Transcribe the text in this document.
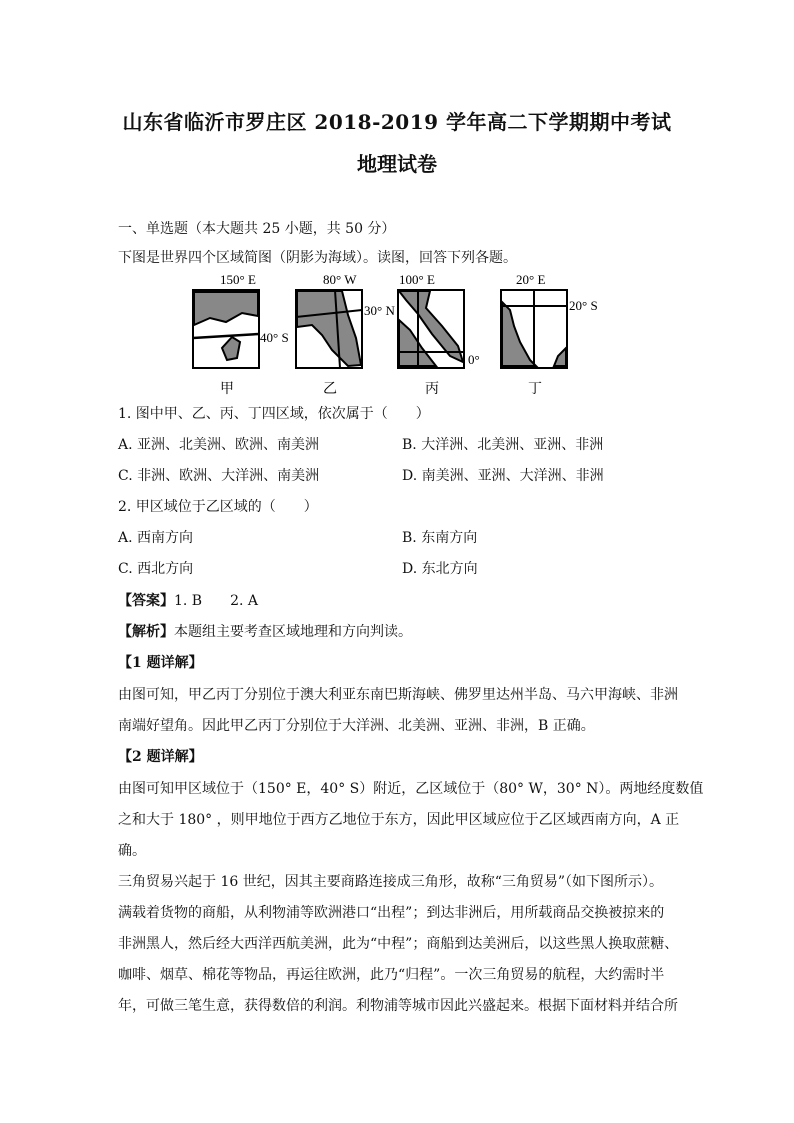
山东省临沂市罗庄区 2018-2019 学年高二下学期期中考试
地理试卷
一、单选题（本大题共 25 小题，共 50 分）
下图是世界四个区域简图（阴影为海域）。读图，回答下列各题。
150° E
40° S
80° W
30° N
100° E
0°
20° E
20° S
甲	乙	丙	丁
1. 图中甲、乙、丙、丁四区域，依次属于（　　）
A. 亚洲、北美洲、欧洲、南美洲	B. 大洋洲、北美洲、亚洲、非洲
C. 非洲、欧洲、大洋洲、南美洲	D. 南美洲、亚洲、大洋洲、非洲
2. 甲区域位于乙区域的（　　）
A. 西南方向	B. 东南方向
C. 西北方向	D. 东北方向
【答案】1. B　　2. A
【解析】本题组主要考查区域地理和方向判读。
【1 题详解】
由图可知，甲乙丙丁分别位于澳大利亚东南巴斯海峡、佛罗里达州半岛、马六甲海峡、非洲
南端好望角。因此甲乙丙丁分别位于大洋洲、北美洲、亚洲、非洲，B 正确。
【2 题详解】
由图可知甲区域位于（150° E，40° S）附近，乙区域位于（80° W，30° N）。两地经度数值
之和大于 180° ，则甲地位于西方乙地位于东方，因此甲区域应位于乙区域西南方向，A 正
确。
三角贸易兴起于 16 世纪，因其主要商路连接成三角形，故称“三角贸易”（如下图所示）。
满载着货物的商船，从利物浦等欧洲港口“出程”；到达非洲后，用所载商品交换被掠来的
非洲黑人，然后经大西洋西航美洲，此为“中程”；商船到达美洲后，以这些黑人换取蔗糖、
咖啡、烟草、棉花等物品，再运往欧洲，此乃“归程”。一次三角贸易的航程，大约需时半
年，可做三笔生意，获得数倍的利润。利物浦等城市因此兴盛起来。根据下面材料并结合所
